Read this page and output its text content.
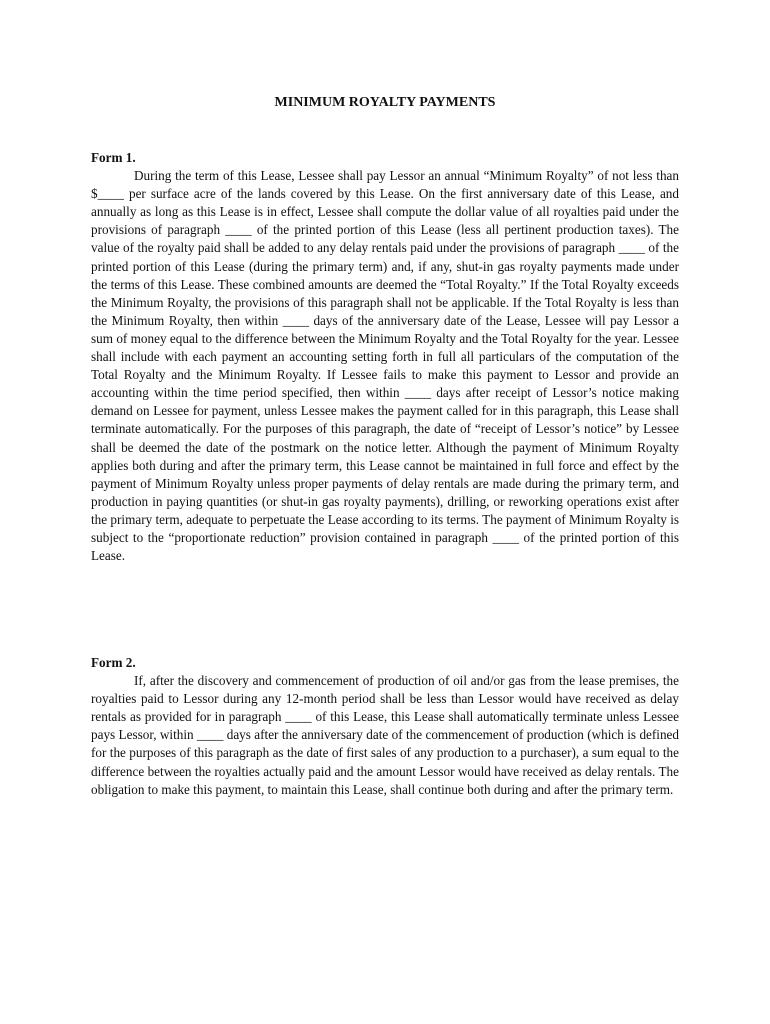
MINIMUM ROYALTY PAYMENTS
Form 1.

During the term of this Lease, Lessee shall pay Lessor an annual “Minimum Royalty” of not less than $____ per surface acre of the lands covered by this Lease. On the first anniversary date of this Lease, and annually as long as this Lease is in effect, Lessee shall compute the dollar value of all royalties paid under the provisions of paragraph ____ of the printed portion of this Lease (less all pertinent production taxes). The value of the royalty paid shall be added to any delay rentals paid under the provisions of paragraph ____ of the printed portion of this Lease (during the primary term) and, if any, shut-in gas royalty payments made under the terms of this Lease. These combined amounts are deemed the “Total Royalty.” If the Total Royalty exceeds the Minimum Royalty, the provisions of this paragraph shall not be applicable. If the Total Royalty is less than the Minimum Royalty, then within ____ days of the anniversary date of the Lease, Lessee will pay Lessor a sum of money equal to the difference between the Minimum Royalty and the Total Royalty for the year. Lessee shall include with each payment an accounting setting forth in full all particulars of the computation of the Total Royalty and the Minimum Royalty. If Lessee fails to make this payment to Lessor and provide an accounting within the time period specified, then within ____ days after receipt of Lessor’s notice making demand on Lessee for payment, unless Lessee makes the payment called for in this paragraph, this Lease shall terminate automatically. For the purposes of this paragraph, the date of “receipt of Lessor’s notice” by Lessee shall be deemed the date of the postmark on the notice letter. Although the payment of Minimum Royalty applies both during and after the primary term, this Lease cannot be maintained in full force and effect by the payment of Minimum Royalty unless proper payments of delay rentals are made during the primary term, and production in paying quantities (or shut-in gas royalty payments), drilling, or reworking operations exist after the primary term, adequate to perpetuate the Lease according to its terms. The payment of Minimum Royalty is subject to the “proportionate reduction” provision contained in paragraph ____ of the printed portion of this Lease.

Form 2.

If, after the discovery and commencement of production of oil and/or gas from the lease premises, the royalties paid to Lessor during any 12-month period shall be less than Lessor would have received as delay rentals as provided for in paragraph ____ of this Lease, this Lease shall automatically terminate unless Lessee pays Lessor, within ____ days after the anniversary date of the commencement of production (which is defined for the purposes of this paragraph as the date of first sales of any production to a purchaser), a sum equal to the difference between the royalties actually paid and the amount Lessor would have received as delay rentals. The obligation to make this payment, to maintain this Lease, shall continue both during and after the primary term.
